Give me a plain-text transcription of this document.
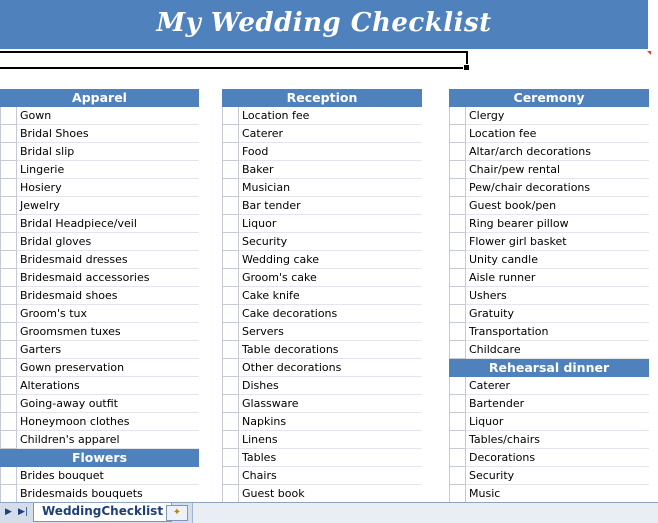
My Wedding Checklist
Apparel
Gown
Bridal Shoes
Bridal slip
Lingerie
Hosiery
Jewelry
Bridal Headpiece/veil
Bridal gloves
Bridesmaid dresses
Bridesmaid accessories
Bridesmaid shoes
Groom's tux
Groomsmen tuxes
Garters
Gown preservation
Alterations
Going-away outfit
Honeymoon clothes
Children's apparel
Flowers
Brides bouquet
Bridesmaids bouquets
Reception
Location fee
Caterer
Food
Baker
Musician
Bar tender
Liquor
Security
Wedding cake
Groom's cake
Cake knife
Cake decorations
Servers
Table decorations
Other decorations
Dishes
Glassware
Napkins
Linens
Tables
Chairs
Guest book
Ceremony
Clergy
Location fee
Altar/arch decorations
Chair/pew rental
Pew/chair decorations
Guest book/pen
Ring bearer pillow
Flower girl basket
Unity candle
Aisle runner
Ushers
Gratuity
Transportation
Childcare
Rehearsal dinner
Caterer
Bartender
Liquor
Tables/chairs
Decorations
Security
Music
▶ ▶|	WeddingChecklist ✦
